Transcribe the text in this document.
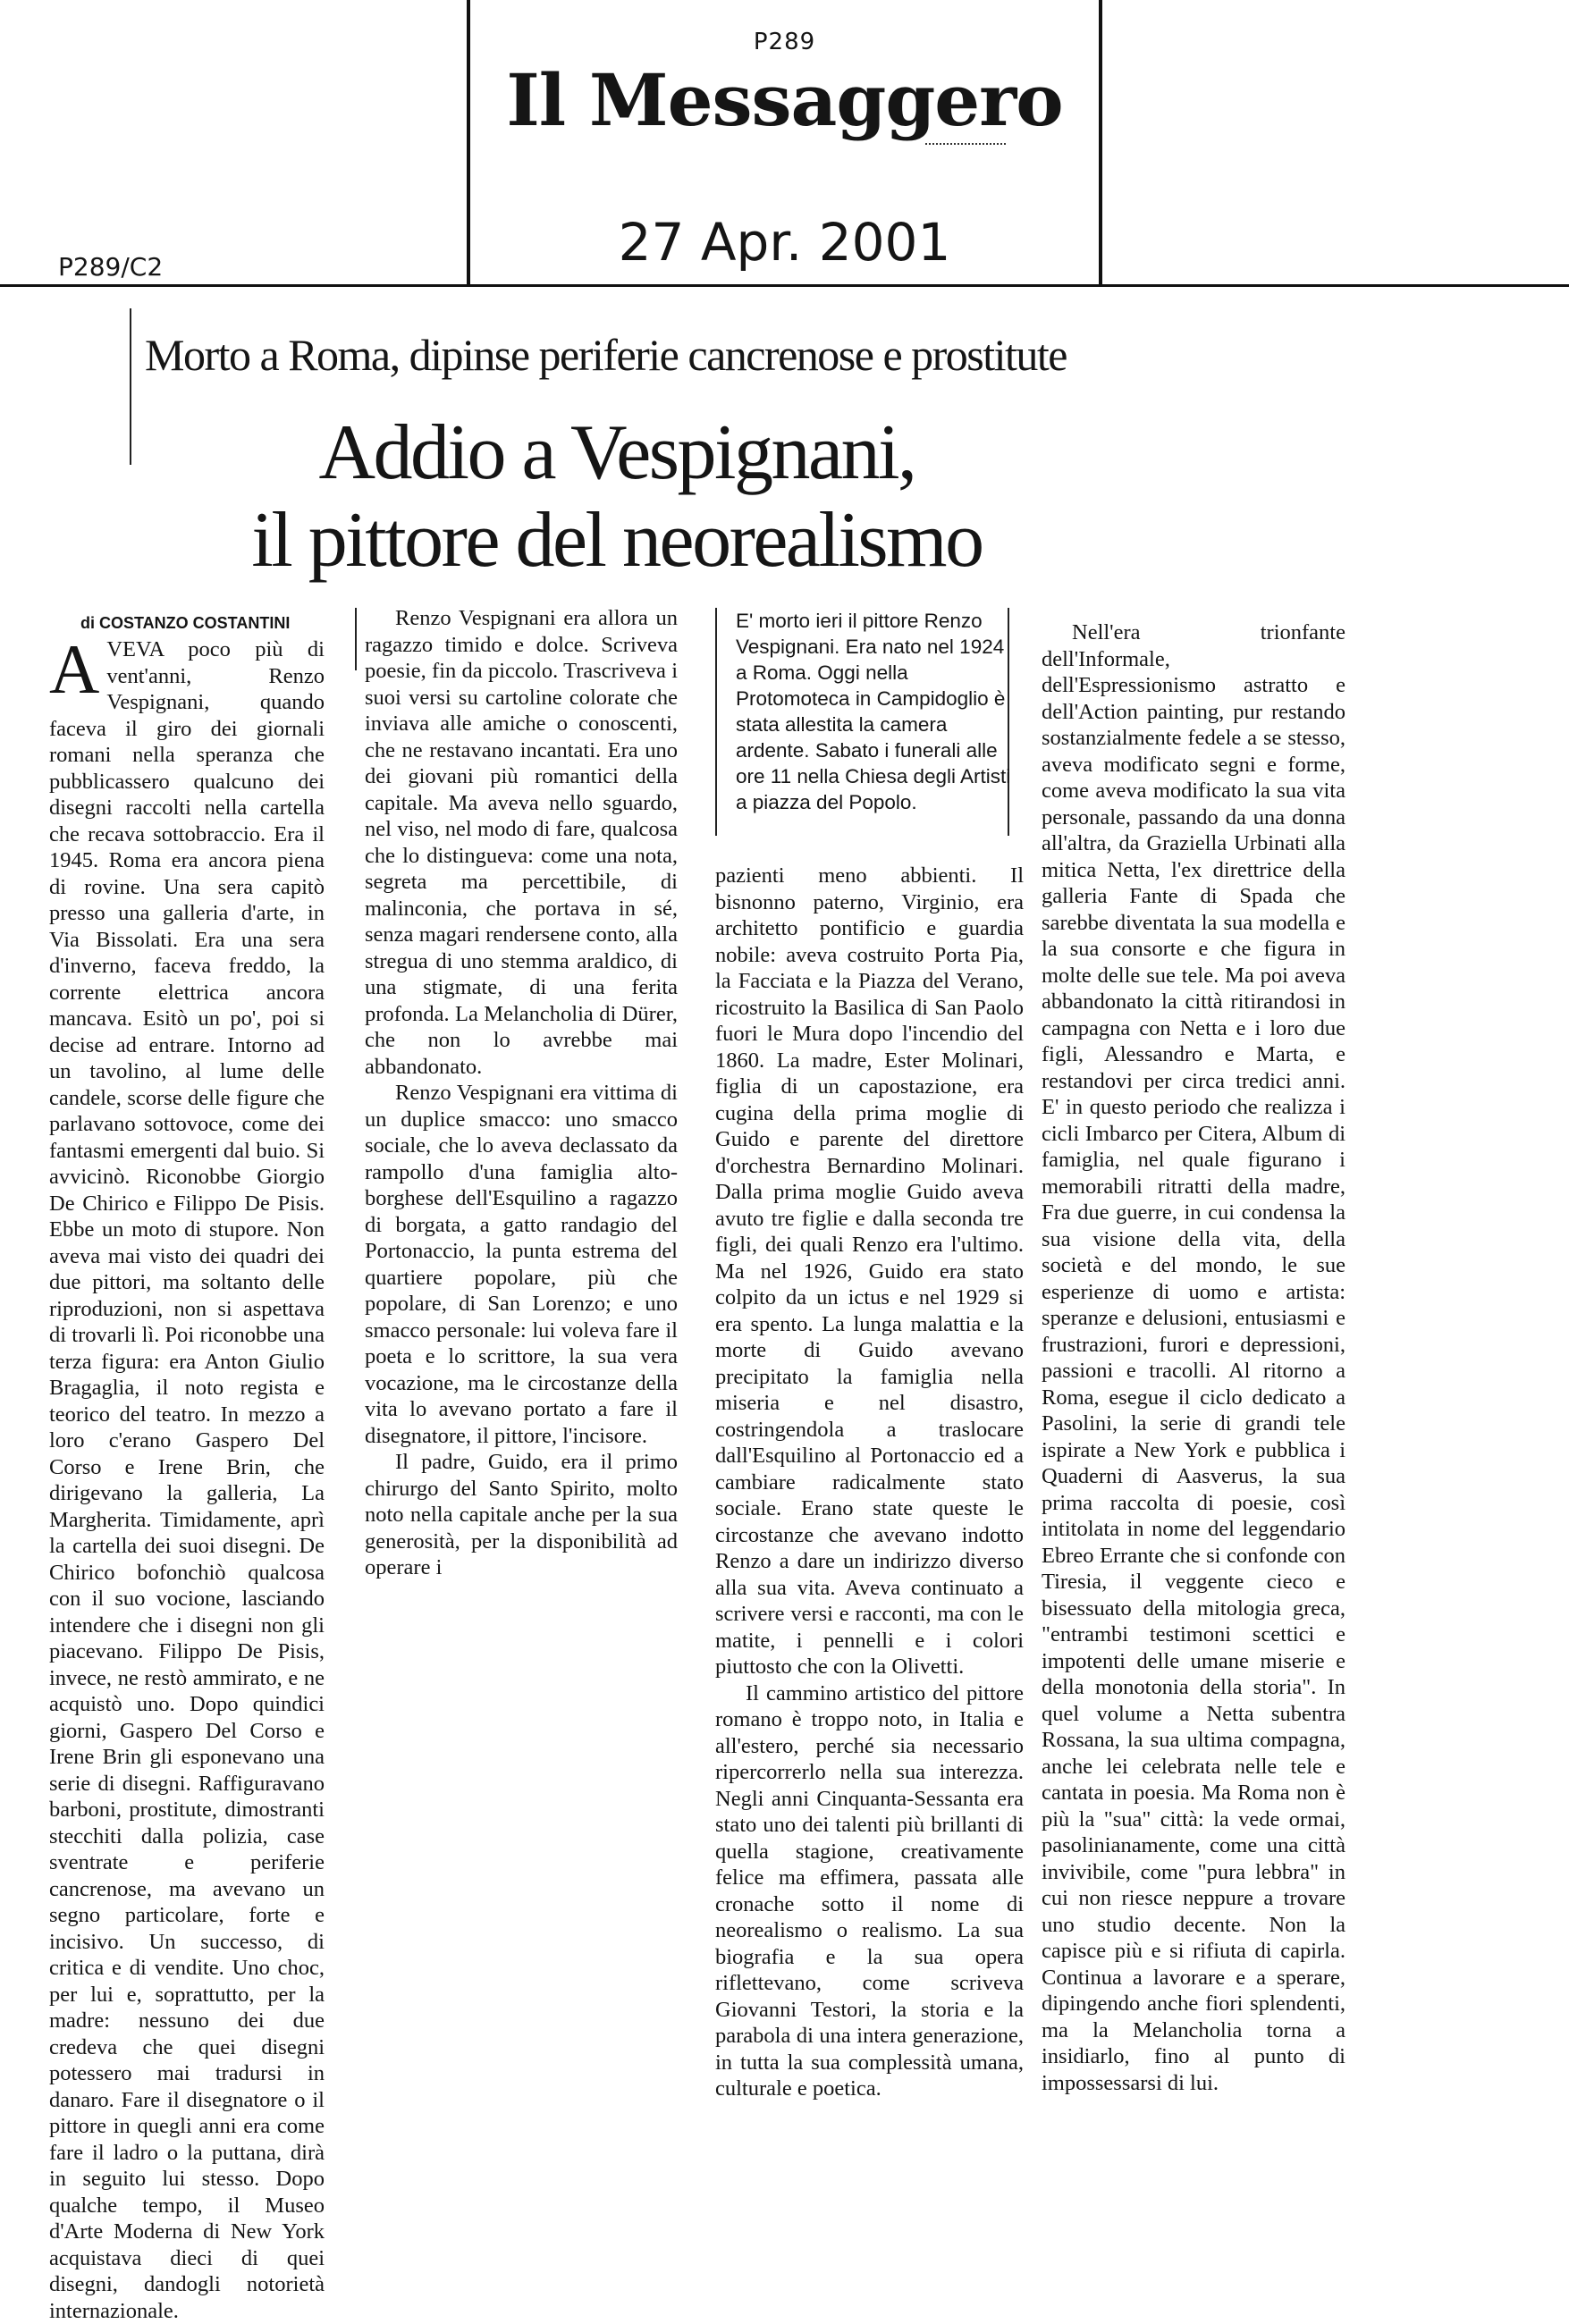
P289
Il Messaggero
P289/C2	27 Apr. 2001
Morto a Roma, dipinse periferie cancrenose e prostitute
Addio a Vespignani,
il pittore del neorealismo
di COSTANZO COSTANTINI

AVEVA poco più di vent'anni, Renzo Vespignani, quando faceva il giro dei giornali romani nella speranza che pubblicassero qualcuno dei disegni raccolti nella cartella che recava sottobraccio. Era il 1945. Roma era ancora piena di rovine. Una sera capitò presso una galleria d'arte, in Via Bissolati. Era una sera d'inverno, faceva freddo, la corrente elettrica ancora mancava. Esitò un po', poi si decise ad entrare. Intorno ad un tavolino, al lume delle candele, scorse delle figure che parlavano sottovoce, come dei fantasmi emergenti dal buio. Si avvicinò. Riconobbe Giorgio De Chirico e Filippo De Pisis. Ebbe un moto di stupore. Non aveva mai visto dei quadri dei due pittori, ma soltanto delle riproduzioni, non si aspettava di trovarli lì. Poi riconobbe una terza figura: era Anton Giulio Bragaglia, il noto regista e teorico del teatro. In mezzo a loro c'erano Gaspero Del Corso e Irene Brin, che dirigevano la galleria, La Margherita. Timidamente, aprì la cartella dei suoi disegni. De Chirico bofonchiò qualcosa con il suo vocione, lasciando intendere che i disegni non gli piacevano. Filippo De Pisis, invece, ne restò ammirato, e ne acquistò uno. Dopo quindici giorni, Gaspero Del Corso e Irene Brin gli esponevano una serie di disegni. Raffiguravano barboni, prostitute, dimostranti stecchiti dalla polizia, case sventrate e periferie cancrenose, ma avevano un segno particolare, forte e incisivo. Un successo, di critica e di vendite. Uno choc, per lui e, soprattutto, per la madre: nessuno dei due credeva che quei disegni potessero mai tradursi in danaro. Fare il disegnatore o il pittore in quegli anni era come fare il ladro o la puttana, dirà in seguito lui stesso. Dopo qualche tempo, il Museo d'Arte Moderna di New York acquistava dieci di quei disegni, dandogli notorietà internazionale.

Renzo Vespignani era allora un ragazzo timido e dolce. Scriveva poesie, fin da piccolo. Trascriveva i suoi versi su cartoline colorate che inviava alle amiche o conoscenti, che ne restavano incantati. Era uno dei giovani più romantici della capitale. Ma aveva nello sguardo, nel viso, nel modo di fare, qualcosa che lo distingueva: come una nota, segreta ma percettibile, di malinconia, che portava in sé, senza magari rendersene conto, alla stregua di uno stemma araldico, di una stigmate, di una ferita profonda. La Melancholia di Dürer, che non lo avrebbe mai abbandonato.

Renzo Vespignani era vittima di un duplice smacco: uno smacco sociale, che lo aveva declassato da rampollo d'una famiglia alto-borghese dell'Esquilino a ragazzo di borgata, a gatto randagio del Portonaccio, la punta estrema del quartiere popolare, più che popolare, di San Lorenzo; e uno smacco personale: lui voleva fare il poeta e lo scrittore, la sua vera vocazione, ma le circostanze della vita lo avevano portato a fare il disegnatore, il pittore, l'incisore.

Il padre, Guido, era il primo chirurgo del Santo Spirito, molto noto nella capitale anche per la sua generosità, per la disponibilità ad operare i

E' morto ieri il pittore Renzo Vespignani. Era nato nel 1924 a Roma. Oggi nella Protomoteca in Campidoglio è stata allestita la camera ardente. Sabato i funerali alle ore 11 nella Chiesa degli Artisti a piazza del Popolo.

pazienti meno abbienti. Il bisnonno paterno, Virginio, era architetto pontificio e guardia nobile: aveva costruito Porta Pia, la Facciata e la Piazza del Verano, ricostruito la Basilica di San Paolo fuori le Mura dopo l'incendio del 1860. La madre, Ester Molinari, figlia di un capostazione, era cugina della prima moglie di Guido e parente del direttore d'orchestra Bernardino Molinari. Dalla prima moglie Guido aveva avuto tre figlie e dalla seconda tre figli, dei quali Renzo era l'ultimo. Ma nel 1926, Guido era stato colpito da un ictus e nel 1929 si era spento. La lunga malattia e la morte di Guido avevano precipitato la famiglia nella miseria e nel disastro, costringendola a traslocare dall'Esquilino al Portonaccio ed a cambiare radicalmente stato sociale. Erano state queste le circostanze che avevano indotto Renzo a dare un indirizzo diverso alla sua vita. Aveva continuato a scrivere versi e racconti, ma con le matite, i pennelli e i colori piuttosto che con la Olivetti.

Il cammino artistico del pittore romano è troppo noto, in Italia e all'estero, perché sia necessario ripercorrerlo nella sua interezza. Negli anni Cinquanta-Sessanta era stato uno dei talenti più brillanti di quella stagione, creativamente felice ma effimera, passata alle cronache sotto il nome di neorealismo o realismo. La sua biografia e la sua opera riflettevano, come scriveva Giovanni Testori, la storia e la parabola di una intera generazione, in tutta la sua complessità umana, culturale e poetica.

Nell'era trionfante dell'Informale, dell'Espressionismo astratto e dell'Action painting, pur restando sostanzialmente fedele a se stesso, aveva modificato segni e forme, come aveva modificato la sua vita personale, passando da una donna all'altra, da Graziella Urbinati alla mitica Netta, l'ex direttrice della galleria Fante di Spada che sarebbe diventata la sua modella e la sua consorte e che figura in molte delle sue tele. Ma poi aveva abbandonato la città ritirandosi in campagna con Netta e i loro due figli, Alessandro e Marta, e restandovi per circa tredici anni. E' in questo periodo che realizza i cicli Imbarco per Citera, Album di famiglia, nel quale figurano i memorabili ritratti della madre, Fra due guerre, in cui condensa la sua visione della vita, della società e del mondo, le sue esperienze di uomo e artista: speranze e delusioni, entusiasmi e frustrazioni, furori e depressioni, passioni e tracolli. Al ritorno a Roma, esegue il ciclo dedicato a Pasolini, la serie di grandi tele ispirate a New York e pubblica i Quaderni di Aasverus, la sua prima raccolta di poesie, così intitolata in nome del leggendario Ebreo Errante che si confonde con Tiresia, il veggente cieco e bisessuato della mitologia greca, "entrambi testimoni scettici e impotenti delle umane miserie e della monotonia della storia". In quel volume a Netta subentra Rossana, la sua ultima compagna, anche lei celebrata nelle tele e cantata in poesia. Ma Roma non è più la "sua" città: la vede ormai, pasolinianamente, come una città invivibile, come "pura lebbra" in cui non riesce neppure a trovare uno studio decente. Non la capisce più e si rifiuta di capirla. Continua a lavorare e a sperare, dipingendo anche fiori splendenti, ma la Melancholia torna a insidiarlo, fino al punto di impossessarsi di lui.
